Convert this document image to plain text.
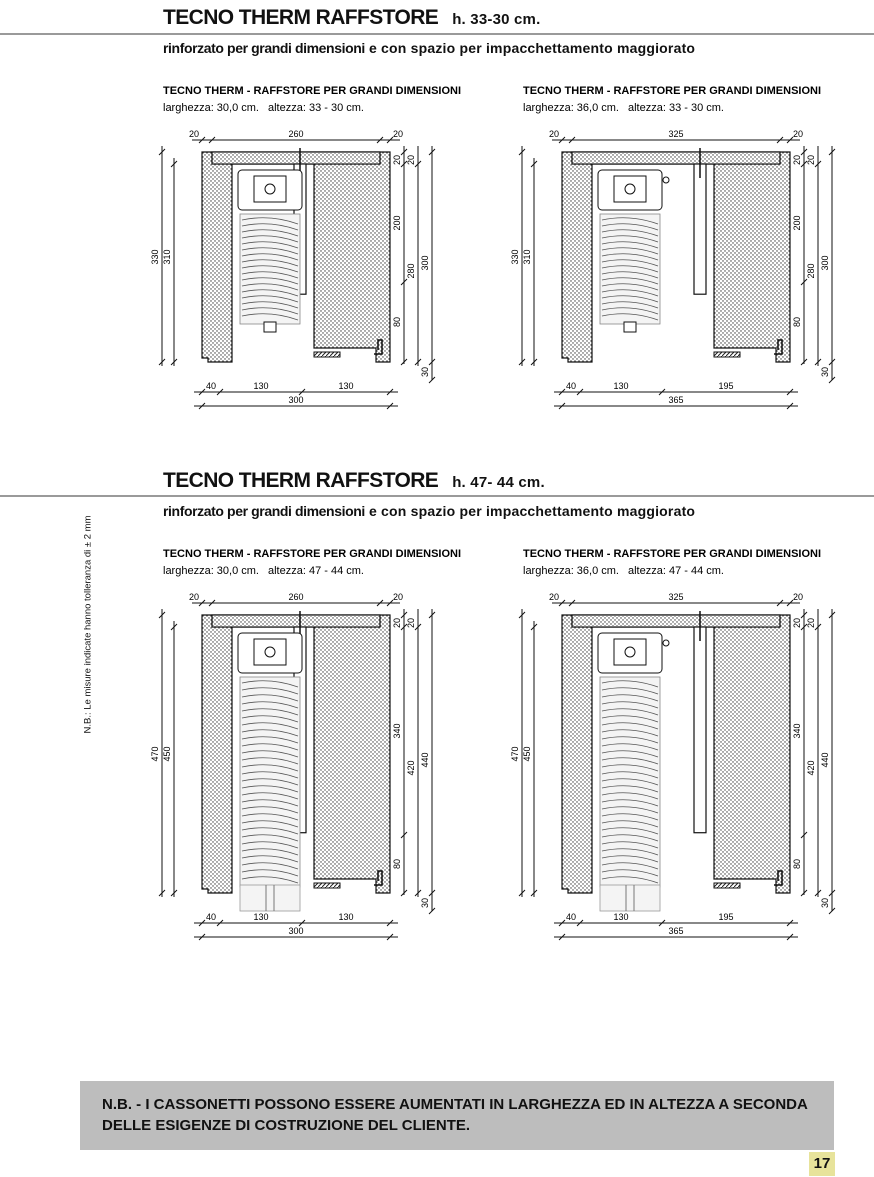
TECNO THERM RAFFSTORE h. 33-30 cm.
rinforzato per grandi dimensioni e con spazio per impacchettamento maggiorato
TECNO THERM RAFFSTORE h. 47- 44 cm.
rinforzato per grandi dimensioni e con spazio per impacchettamento maggiorato
N.B.: Le misure indicate hanno tolleranza di ± 2 mm
TECNO THERM - RAFFSTORE PER GRANDI DIMENSIONI
larghezza: 30,0 cm. altezza: 33 - 30 cm.
20	260	20
330 310
20 20
200
280
300
80
30
40	130	130
300
TECNO THERM - RAFFSTORE PER GRANDI DIMENSIONI
larghezza: 36,0 cm. altezza: 33 - 30 cm.
20	325	20
330 310
20 20
200
280
300
80
30
40	130	195
365
TECNO THERM - RAFFSTORE PER GRANDI DIMENSIONI
larghezza: 30,0 cm. altezza: 47 - 44 cm.
20	260	20
470 450
20 20
340
420
440
80
30
40	130	130
300
TECNO THERM - RAFFSTORE PER GRANDI DIMENSIONI
larghezza: 36,0 cm. altezza: 47 - 44 cm.
20	325	20
470 450
20 20
340
420
440
80
30
40	130	195
365
N.B. - I CASSONETTI POSSONO ESSERE AUMENTATI IN LARGHEZZA ED IN ALTEZZA A SECONDA DELLE ESIGENZE DI COSTRUZIONE DEL CLIENTE.
17
